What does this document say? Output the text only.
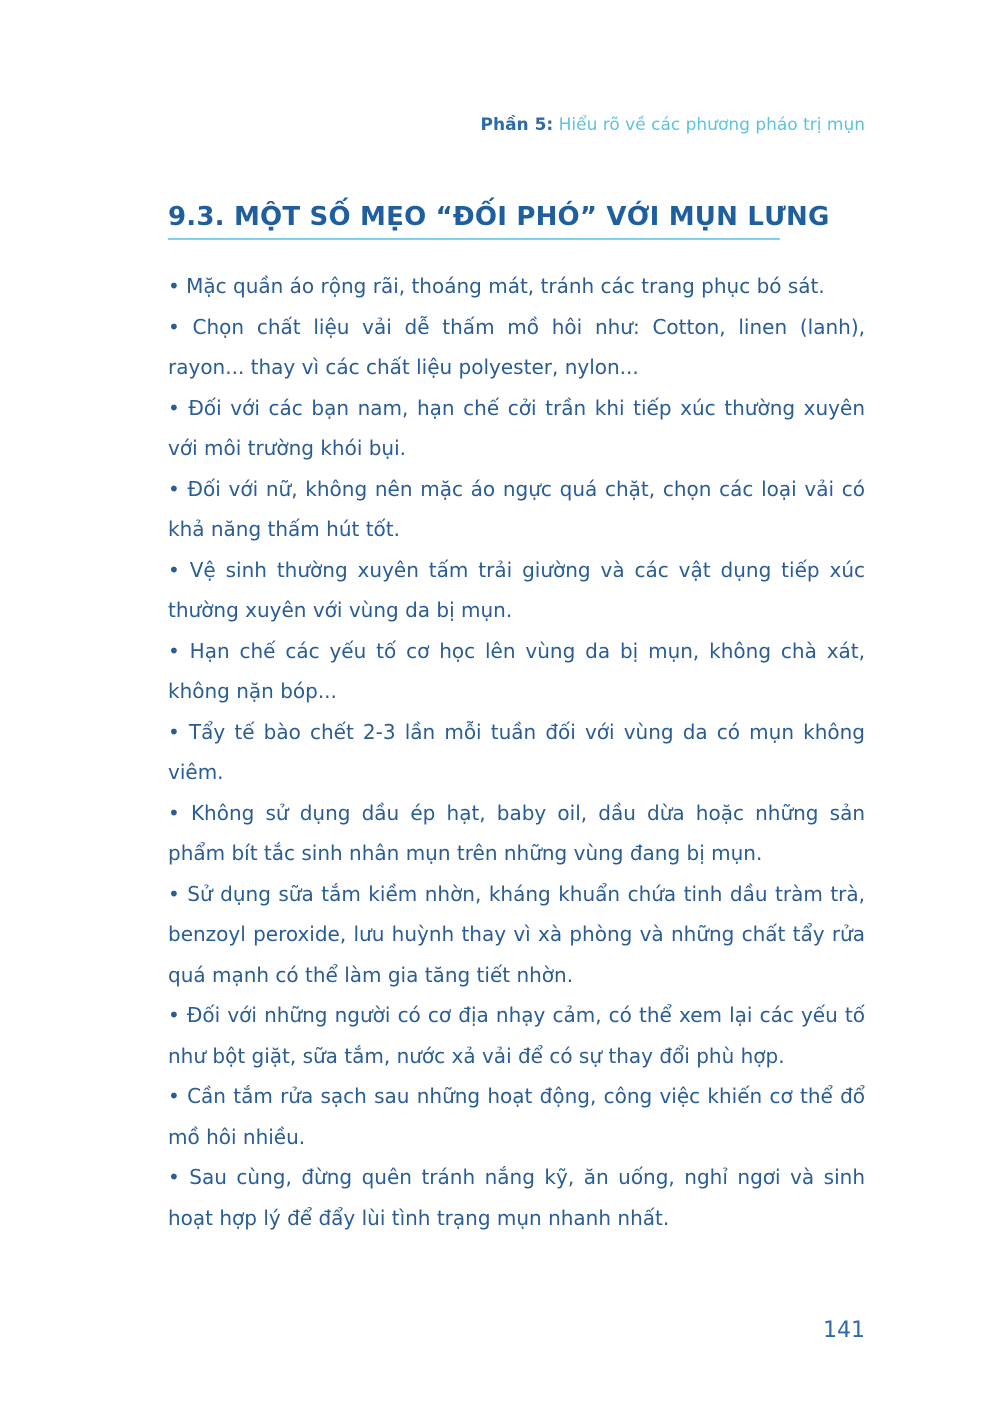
Phần 5: Hiểu rõ về các phương pháo trị mụn
9.3. MỘT SỐ MẸO “ĐỐI PHÓ” VỚI MỤN LƯNG

• Mặc quần áo rộng rãi, thoáng mát, tránh các trang phục bó sát.

• Chọn chất liệu vải dễ thấm mồ hôi như: Cotton, linen (lanh), rayon... thay vì các chất liệu polyester, nylon...

• Đối với các bạn nam, hạn chế cởi trần khi tiếp xúc thường xuyên với môi trường khói bụi.

• Đối với nữ, không nên mặc áo ngực quá chặt, chọn các loại vải có khả năng thấm hút tốt.

• Vệ sinh thường xuyên tấm trải giường và các vật dụng tiếp xúc thường xuyên với vùng da bị mụn.

• Hạn chế các yếu tố cơ học lên vùng da bị mụn, không chà xát, không nặn bóp...

• Tẩy tế bào chết 2-3 lần mỗi tuần đối với vùng da có mụn không viêm.

• Không sử dụng dầu ép hạt, baby oil, dầu dừa hoặc những sản phẩm bít tắc sinh nhân mụn trên những vùng đang bị mụn.

• Sử dụng sữa tắm kiềm nhờn, kháng khuẩn chứa tinh dầu tràm trà, benzoyl peroxide, lưu huỳnh thay vì xà phòng và những chất tẩy rửa quá mạnh có thể làm gia tăng tiết nhờn.

• Đối với những người có cơ địa nhạy cảm, có thể xem lại các yếu tố như bột giặt, sữa tắm, nước xả vải để có sự thay đổi phù hợp.

• Cần tắm rửa sạch sau những hoạt động, công việc khiến cơ thể đổ mồ hôi nhiều.

• Sau cùng, đừng quên tránh nắng kỹ, ăn uống, nghỉ ngơi và sinh hoạt hợp lý để đẩy lùi tình trạng mụn nhanh nhất.

141
